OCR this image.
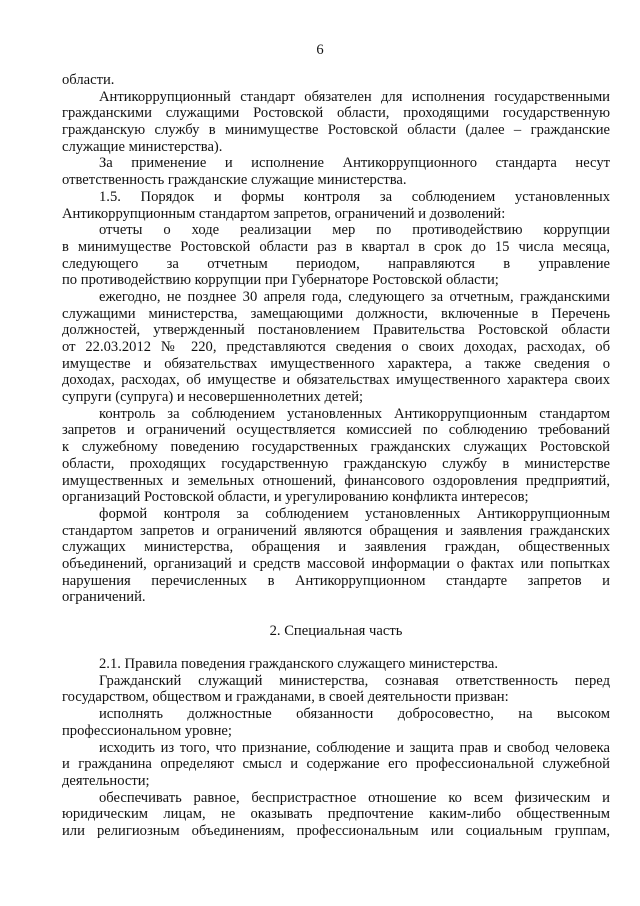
6
области.
Антикоррупционный стандарт обязателен для исполнения государственными
гражданскими служащими Ростовской области, проходящими государственную
гражданскую службу в минимуществе Ростовской области (далее – гражданские
служащие министерства).
За применение и исполнение Антикоррупционного стандарта несут
ответственность гражданские служащие министерства.
1.5. Порядок и формы контроля за соблюдением установленных
Антикоррупционным стандартом запретов, ограничений и дозволений:
отчеты о ходе реализации мер по противодействию коррупции
в минимуществе Ростовской области раз в квартал в срок до 15 числа месяца,
следующего за отчетным периодом, направляются в управление
по противодействию коррупции при Губернаторе Ростовской области;
ежегодно, не позднее 30 апреля года, следующего за отчетным, гражданскими
служащими министерства, замещающими должности, включенные в Перечень
должностей, утвержденный постановлением Правительства Ростовской области
от 22.03.2012 № 220, представляются сведения о своих доходах, расходах, об
имуществе и обязательствах имущественного характера, а также сведения о
доходах, расходах, об имуществе и обязательствах имущественного характера своих
супруги (супруга) и несовершеннолетних детей;
контроль за соблюдением установленных Антикоррупционным стандартом
запретов и ограничений осуществляется комиссией по соблюдению требований
к служебному поведению государственных гражданских служащих Ростовской
области, проходящих государственную гражданскую службу в министерстве
имущественных и земельных отношений, финансового оздоровления предприятий,
организаций Ростовской области, и урегулированию конфликта интересов;
формой контроля за соблюдением установленных Антикоррупционным
стандартом запретов и ограничений являются обращения и заявления гражданских
служащих министерства, обращения и заявления граждан, общественных
объединений, организаций и средств массовой информации о фактах или попытках
нарушения перечисленных в Антикоррупционном стандарте запретов и
ограничений.
2. Специальная часть
2.1. Правила поведения гражданского служащего министерства.
Гражданский служащий министерства, сознавая ответственность перед
государством, обществом и гражданами, в своей деятельности призван:
исполнять должностные обязанности добросовестно, на высоком
профессиональном уровне;
исходить из того, что признание, соблюдение и защита прав и свобод человека
и гражданина определяют смысл и содержание его профессиональной служебной
деятельности;
обеспечивать равное, беспристрастное отношение ко всем физическим и
юридическим лицам, не оказывать предпочтение каким-либо общественным
или религиозным объединениям, профессиональным или социальным группам,
